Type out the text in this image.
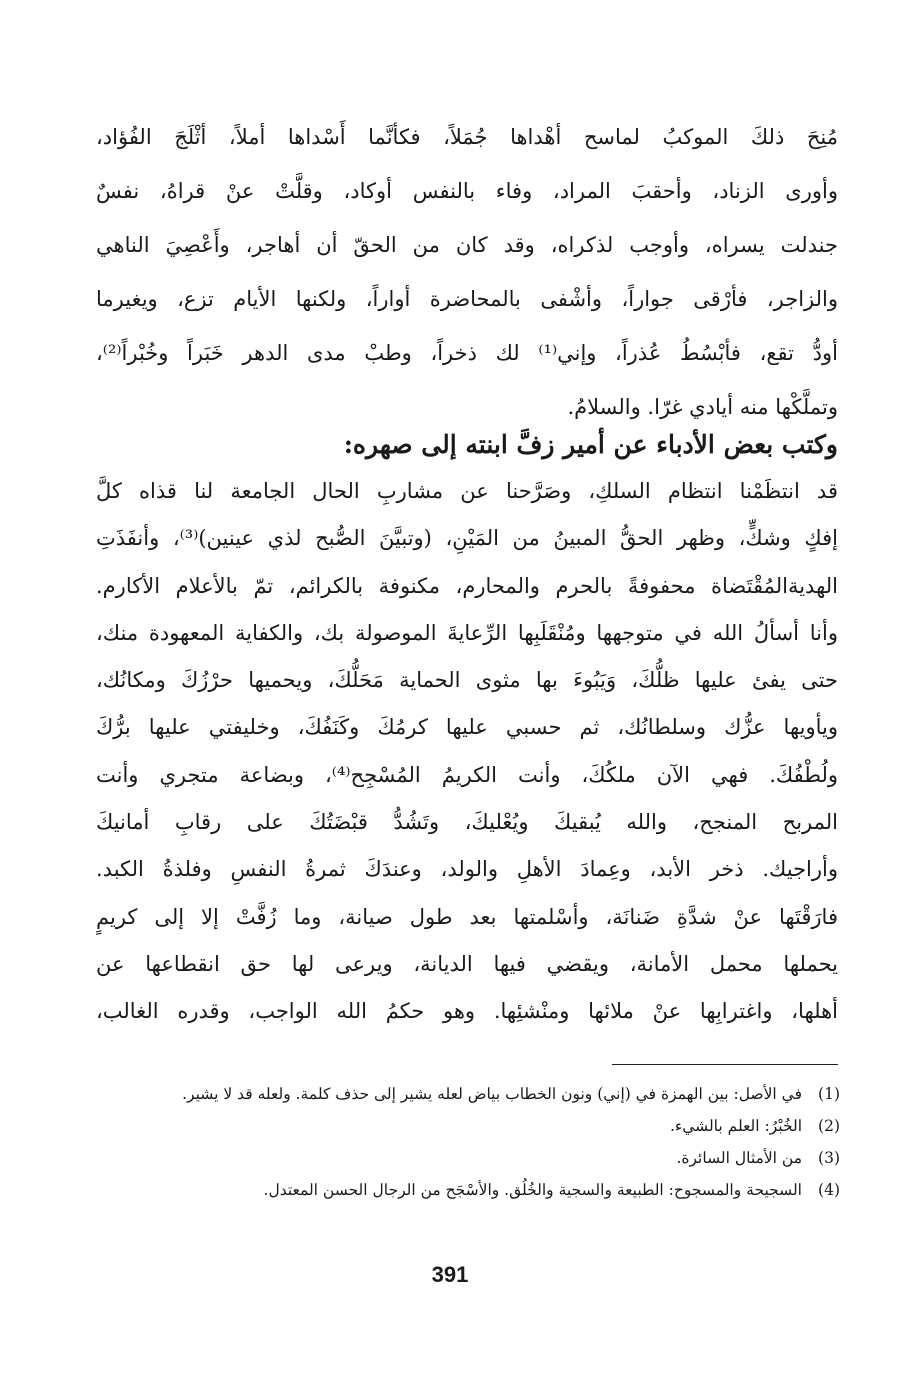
مُنِحَ ذلكَ الموكبُ لماسح أهْداها جُمَلاً، فكأنَّما أَسْداها أملاً، أثْلَجَ الفُؤاد،
وأورى الزناد، وأحقبَ المراد، وفاء بالنفس أوكاد، وقلَّتْ عنْ قراهُ، نفسٌ
جندلت يسراه، وأوجب لذكراه، وقد كان من الحقّ أن أهاجر، وأَعْصِيَ الناهي
والزاجر، فأرْقى جواراً، وأشْفى بالمحاضرة أواراً، ولكنها الأيام تزع، ويغيرما
أودُّ تقع، فأبْسُطُ عُذراً، وإني⁽¹⁾ لك ذخراً، وطبْ مدى الدهر خَبَراً وخُبْراً⁽²⁾،
وتملَّكْها منه أيادي غرّا. والسلامُ.
وكتب بعض الأدباء عن أمير زفَّ ابنته إلى صهره:
قد انتظَمْنا انتظام السلكِ، وصَرَّحنا عن مشاربِ الحال الجامعة لنا قذاه كلَّ
إفكٍ وشكٍّ، وظهر الحقُّ المبينُ من المَيْنِ، (وتبيَّنَ الصُّبح لذي عينين)⁽³⁾، وأنفَذَتِ
الهديةالمُقْتَضاة محفوفةً بالحرم والمحارم، مكنوفة بالكرائم، تمّ بالأعلام الأكارم.
وأنا أسألُ الله في متوجهها ومُنْقَلَبِها الرِّعايةَ الموصولة بك، والكفاية المعهودة منك،
حتى يفئ عليها ظلُّكَ، وَيَبُوءَ بها مثوى الحماية مَحَلُّكَ، ويحميها حرْزُكَ ومكانُك،
ويأويها عزُّك وسلطانُك، ثم حسبي عليها كرمُكَ وكَنَفُكَ، وخليفتي عليها برُّكَ
ولُطْفُكَ. فهي الآن ملكُكَ، وأنت الكريمُ المُسْجِح⁽⁴⁾، وبضاعة متجري وأنت
المربح المنجح، والله يُبقيكَ ويُعْليكَ، وتَشُدُّ قبْضَتُكَ على رقابِ أمانيكَ
وأراجيك. ذخر الأبد، وعِمادَ الأهلِ والولد، وعندَكَ ثمرةُ النفسِ وفلذةُ الكبد.
فارَقْتَها عنْ شدَّةِ ضَنانَة، وأسْلمتها بعد طول صيانة، وما زُفَّتْ إلا إلى كريمٍ
يحملها محمل الأمانة، ويقضي فيها الديانة، ويرعى لها حق انقطاعها عن
أهلها، واغترابِها عنْ ملائها ومنْشئِها. وهو حكمُ الله الواجب، وقدره الغالب،
(1)
في الأصل: بين الهمزة في (إني) ونون الخطاب بياض لعله يشير إلى حذف كلمة. ولعله قد لا يشير.
(2)
الخُبْرُ: العلم بالشيء.
(3)
من الأمثال السائرة.
(4)
السجيحة والمسجوح: الطبيعة والسجية والخُلُق. والأسْجَح من الرجال الحسن المعتدل.
391
